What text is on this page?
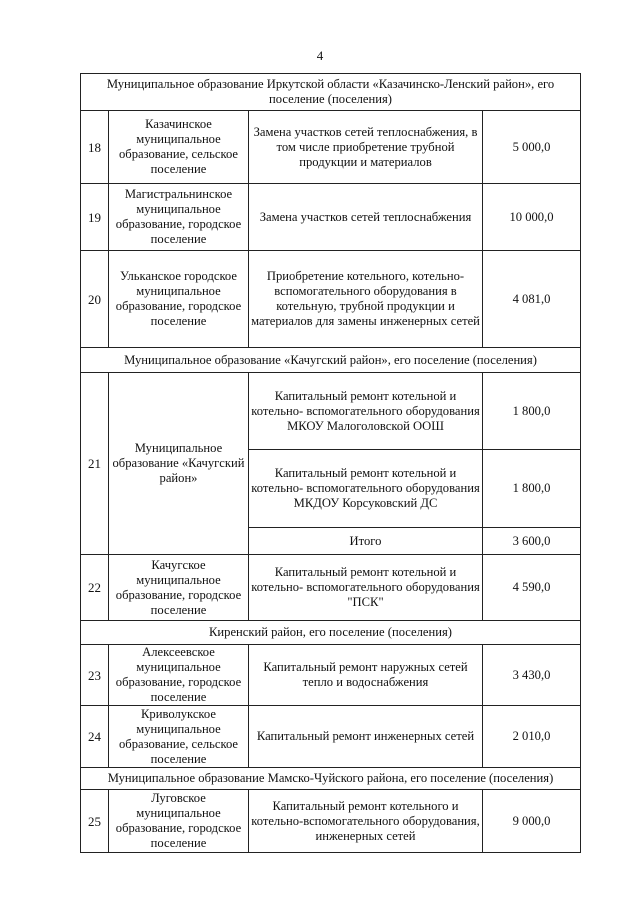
4
Муниципальное образование Иркутской области «Казачинско-Ленский район», его поселение (поселения)			
18	Казачинское муниципальное образование, сельское поселение	Замена участков сетей теплоснабжения, в том числе приобретение трубной продукции и материалов	5 000,0
19	Магистральнинское муниципальное образование, городское поселение	Замена участков сетей теплоснабжения	10 000,0
20	Ульканское городское муниципальное образование, городское поселение	Приобретение котельного, котельно-вспомогательного оборудования в котельную, трубной продукции и материалов для замены инженерных сетей	4 081,0
Муниципальное образование «Качугский район», его поселение (поселения)			
21	Муниципальное образование «Качугский район»	Капитальный ремонт котельной и котельно- вспомогательного оборудования МКОУ Малоголовской ООШ	1 800,0
		Капитальный ремонт котельной и котельно- вспомогательного оборудования МКДОУ Корсуковский ДС	1 800,0
		Итого	3 600,0
22	Качугское муниципальное образование, городское поселение	Капитальный ремонт котельной и котельно- вспомогательного оборудования "ПСК"	4 590,0
Киренский район, его поселение (поселения)			
23	Алексеевское муниципальное образование, городское поселение	Капитальный ремонт наружных сетей тепло и водоснабжения	3 430,0
24	Криволукское муниципальное образование, сельское поселение	Капитальный ремонт инженерных сетей	2 010,0
Муниципальное образование Мамско-Чуйского района, его поселение (поселения)			
25	Луговское муниципальное образование, городское поселение	Капитальный ремонт котельного и котельно-вспомогательного оборудования, инженерных сетей	9 000,0
